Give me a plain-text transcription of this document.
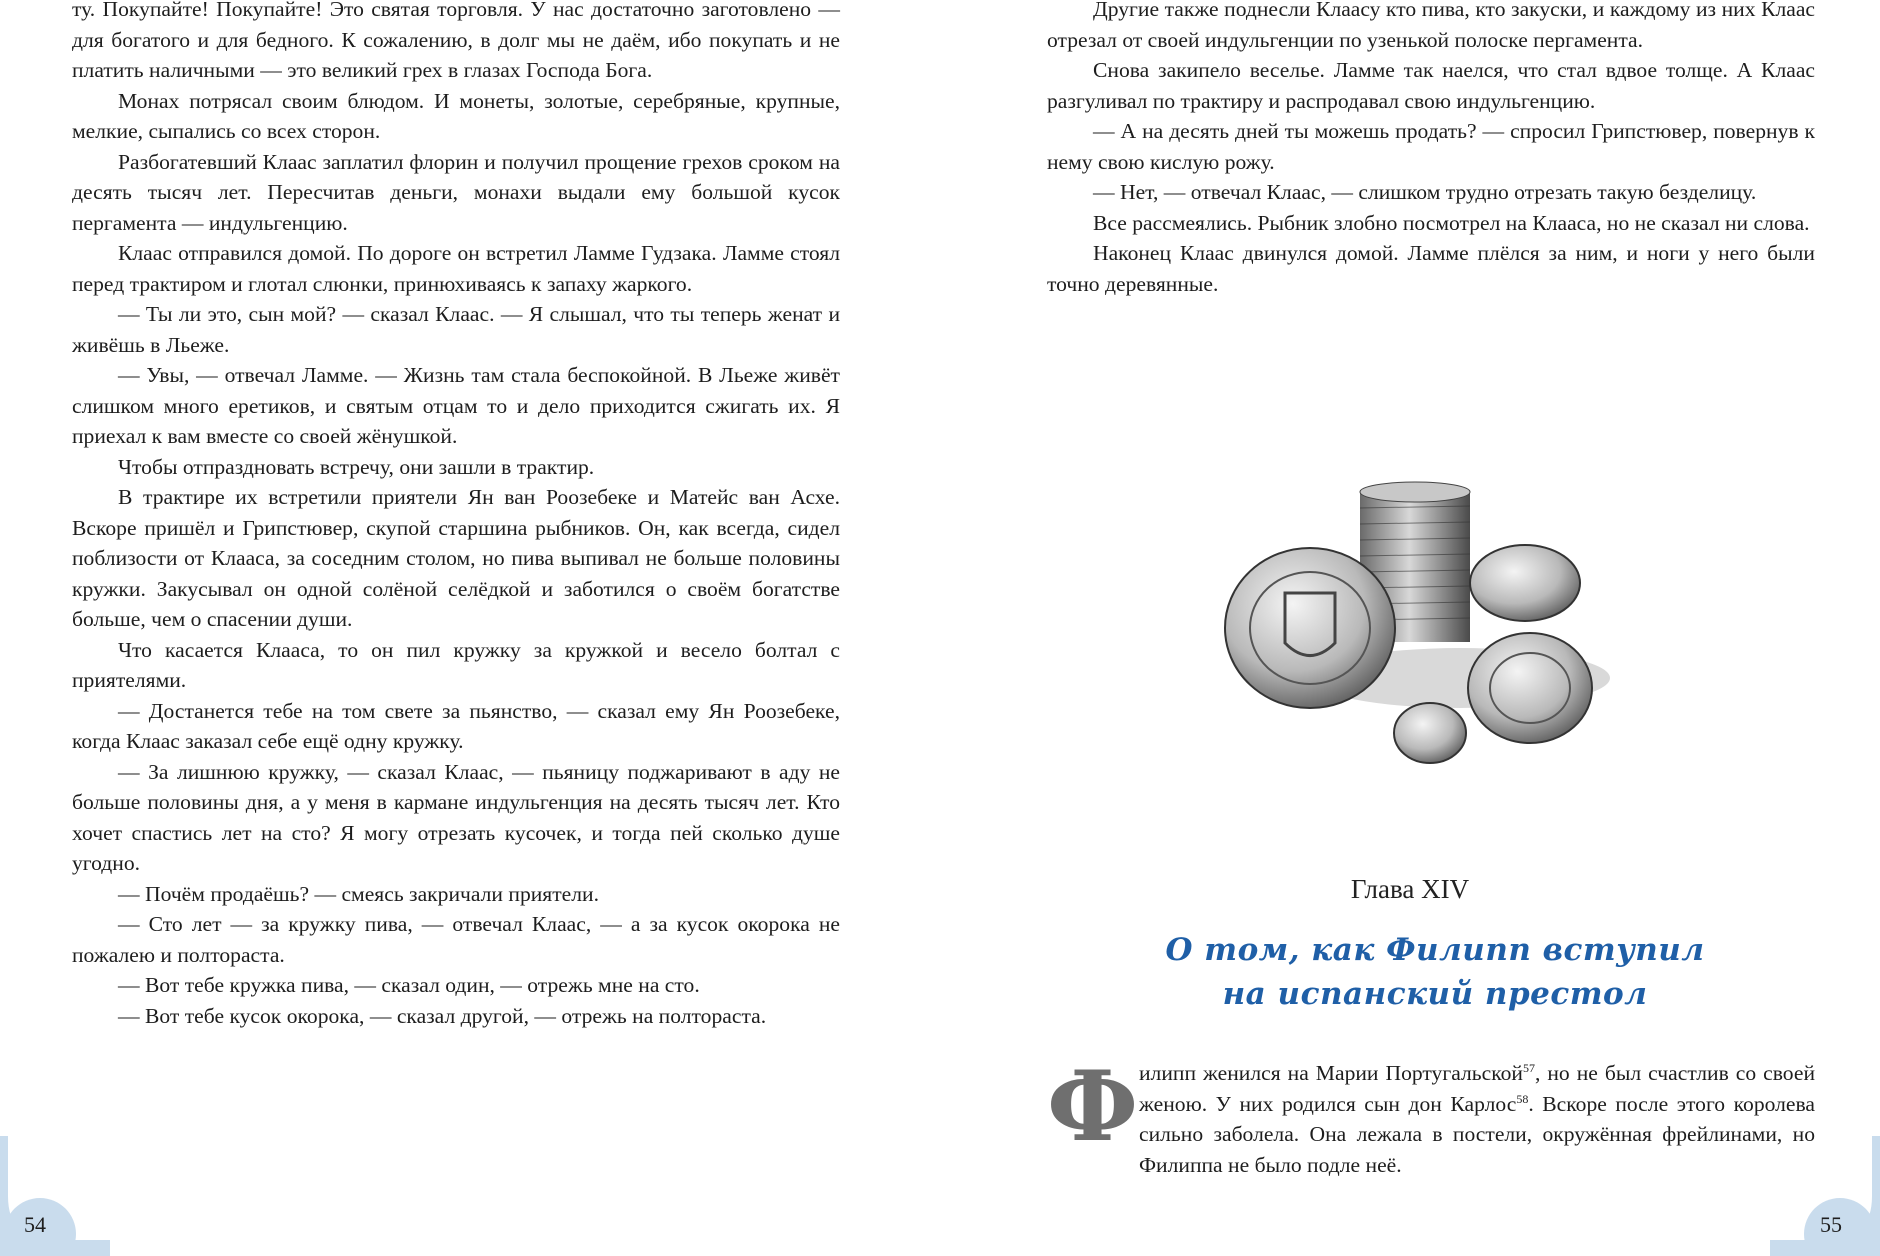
ту. Покупайте! Покупайте! Это святая торговля. У нас достаточно заготовлено — для богатого и для бедного. К сожалению, в долг мы не даём, ибо покупать и не платить наличными — это великий грех в глазах Господа Бога.

Монах потрясал своим блюдом. И монеты, золотые, серебряные, крупные, мелкие, сыпались со всех сторон.

Разбогатевший Клаас заплатил флорин и получил прощение грехов сроком на десять тысяч лет. Пересчитав деньги, монахи выдали ему большой кусок пергамента — индульгенцию.

Клаас отправился домой. По дороге он встретил Ламме Гудзака. Ламме стоял перед трактиром и глотал слюнки, принюхиваясь к запаху жаркого.

— Ты ли это, сын мой? — сказал Клаас. — Я слышал, что ты теперь женат и живёшь в Льеже.

— Увы, — отвечал Ламме. — Жизнь там стала беспокойной. В Льеже живёт слишком много еретиков, и святым отцам то и дело приходится сжигать их. Я приехал к вам вместе со своей жёнушкой.

Чтобы отпраздновать встречу, они зашли в трактир.

В трактире их встретили приятели Ян ван Роозебеке и Матейс ван Асхе. Вскоре пришёл и Грипстювер, скупой старшина рыбников. Он, как всегда, сидел поблизости от Клааса, за соседним столом, но пива выпивал не больше половины кружки. Закусывал он одной солёной селёдкой и заботился о своём богатстве больше, чем о спасении души.

Что касается Клааса, то он пил кружку за кружкой и весело болтал с приятелями.

— Достанется тебе на том свете за пьянство, — сказал ему Ян Роозебеке, когда Клаас заказал себе ещё одну кружку.

— За лишнюю кружку, — сказал Клаас, — пьяницу поджаривают в аду не больше половины дня, а у меня в кармане индульгенция на десять тысяч лет. Кто хочет спастись лет на сто? Я могу отрезать кусочек, и тогда пей сколько душе угодно.

— Почём продаёшь? — смеясь закричали приятели.

— Сто лет — за кружку пива, — отвечал Клаас, — а за кусок окорока не пожалею и полтораста.

— Вот тебе кружка пива, — сказал один, — отрежь мне на сто.

— Вот тебе кусок окорока, — сказал другой, — отрежь на полтораста.

54

Другие также поднесли Клаасу кто пива, кто закуски, и каждому из них Клаас отрезал от своей индульгенции по узенькой полоске пергамента.

Снова закипело веселье. Ламме так наелся, что стал вдвое толще. А Клаас разгуливал по трактиру и распродавал свою индульгенцию.

— А на десять дней ты можешь продать? — спросил Грипстювер, повернув к нему свою кислую рожу.

— Нет, — отвечал Клаас, — слишком трудно отрезать такую безделицу.

Все рассмеялись. Рыбник злобно посмотрел на Клааса, но не сказал ни слова.

Наконец Клаас двинулся домой. Ламме плёлся за ним, и ноги у него были точно деревянные.

Глава XIV
О том, как Филипп вступил
на испанский престол
Ф илипп женился на Марии Португальской$^{57}$, но не был счастлив со своей женою. У них родился сын дон Карлос$^{58}$. Вскоре после этого королева сильно заболела. Она лежала в постели, окружённая фрейлинами, но Филиппа не было подле неё.

55
